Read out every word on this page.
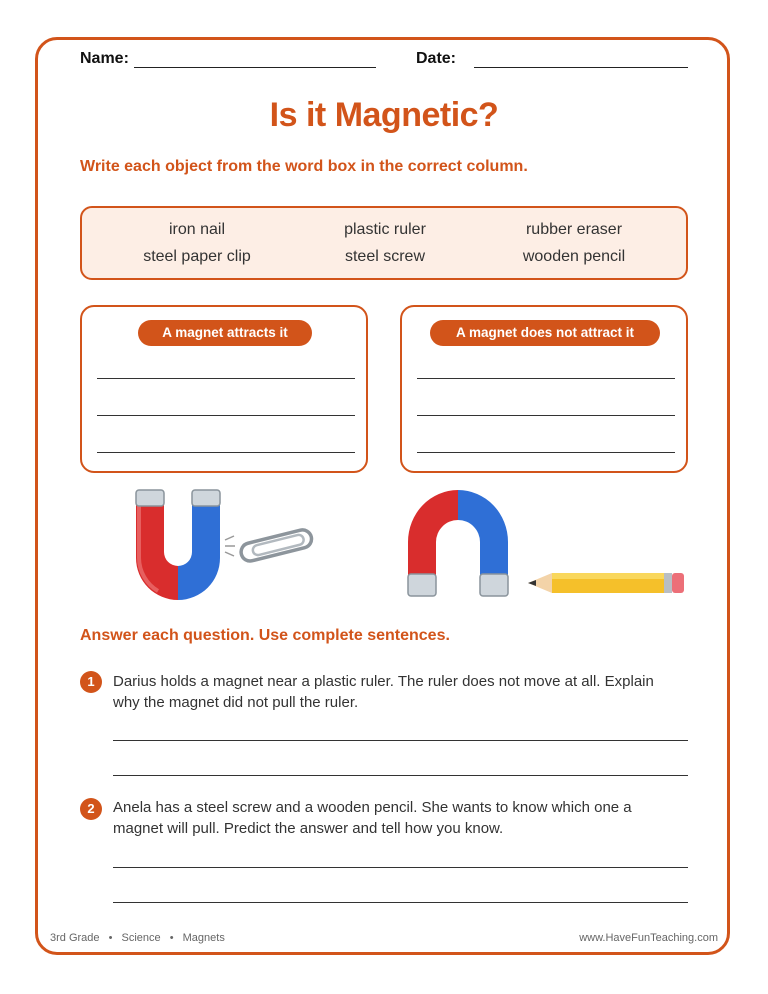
Name:	Date:
Is it Magnetic?
Write each object from the word box in the correct column.
iron nail	plastic ruler	rubber eraser
steel paper clip	steel screw	wooden pencil
A magnet attracts it	A magnet does not attract it
Answer each question. Use complete sentences.
1	Darius holds a magnet near a plastic ruler. The ruler does not move at all. Explain
why the magnet did not pull the ruler.
2	Anela has a steel screw and a wooden pencil. She wants to know which one a
magnet will pull. Predict the answer and tell how you know.
3rd Grade • Science • Magnets	www.HaveFunTeaching.com
